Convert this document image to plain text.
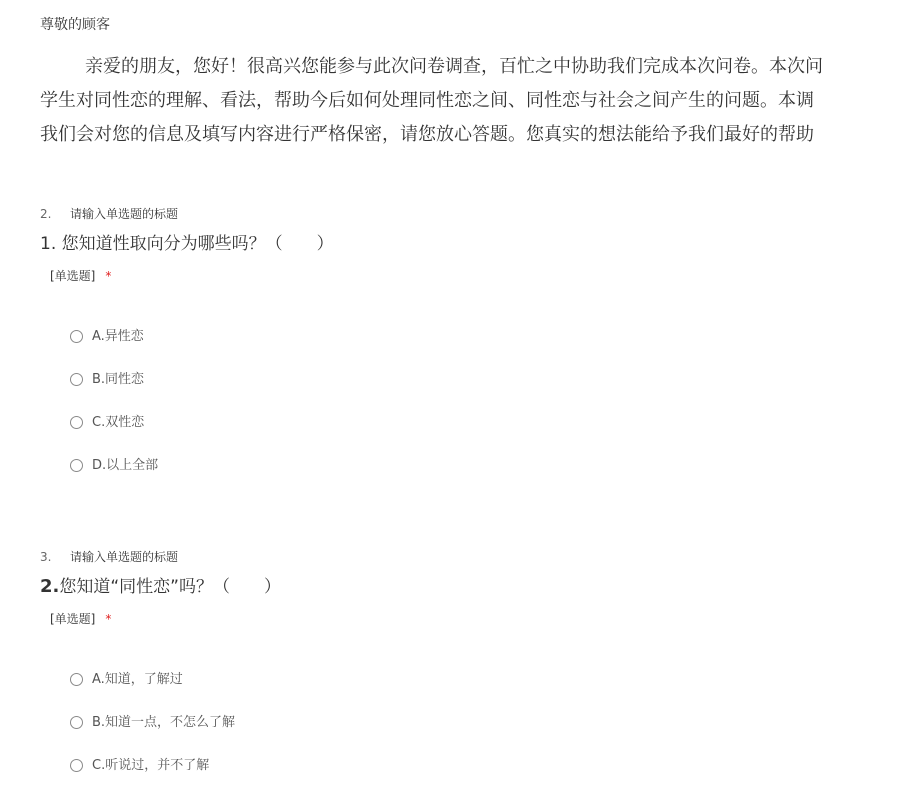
尊敬的顾客
亲爱的朋友，您好！很高兴您能参与此次问卷调查，百忙之中协助我们完成本次问卷。本次问
学生对同性恋的理解、看法，帮助今后如何处理同性恋之间、同性恋与社会之间产生的问题。本调
我们会对您的信息及填写内容进行严格保密，请您放心答题。您真实的想法能给予我们最好的帮助
2. 请输入单选题的标题
1. 您知道性取向分为哪些吗？（　　）
[单选题] *
A.异性恋
B.同性恋
C.双性恋
D.以上全部
3. 请输入单选题的标题
2.您知道“同性恋”吗？（　　）
[单选题] *
A.知道，了解过
B.知道一点，不怎么了解
C.听说过，并不了解
